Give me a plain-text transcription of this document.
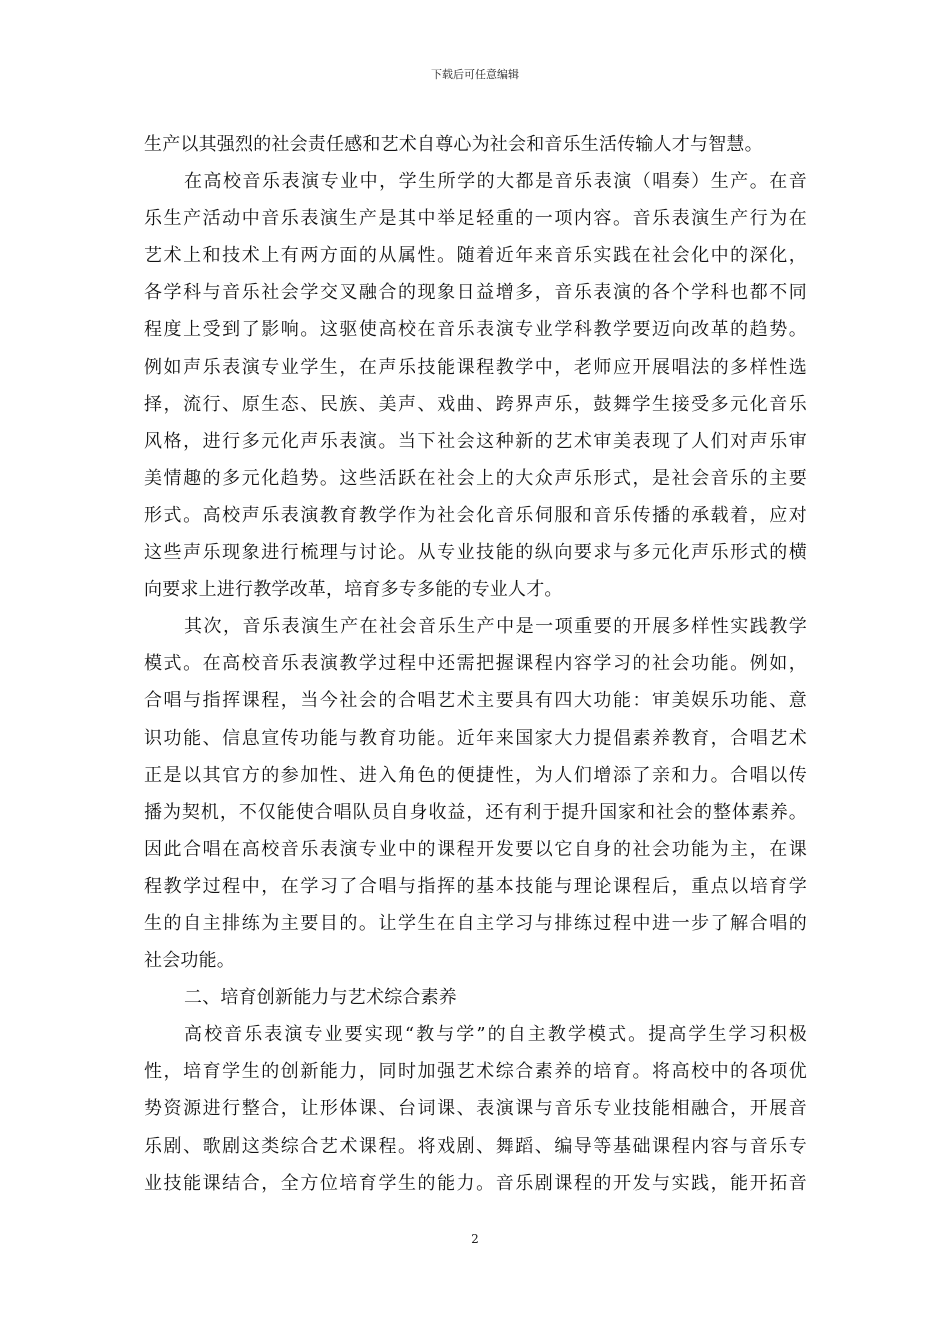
下载后可任意编辑
生产以其强烈的社会责任感和艺术自尊心为社会和音乐生活传输人才与智慧。
在高校音乐表演专业中，学生所学的大都是音乐表演（唱奏）生产。在音
乐生产活动中音乐表演生产是其中举足轻重的一项内容。音乐表演生产行为在
艺术上和技术上有两方面的从属性。随着近年来音乐实践在社会化中的深化，
各学科与音乐社会学交叉融合的现象日益增多，音乐表演的各个学科也都不同
程度上受到了影响。这驱使高校在音乐表演专业学科教学要迈向改革的趋势。
例如声乐表演专业学生，在声乐技能课程教学中，老师应开展唱法的多样性选
择，流行、原生态、民族、美声、戏曲、跨界声乐，鼓舞学生接受多元化音乐
风格，进行多元化声乐表演。当下社会这种新的艺术审美表现了人们对声乐审
美情趣的多元化趋势。这些活跃在社会上的大众声乐形式，是社会音乐的主要
形式。高校声乐表演教育教学作为社会化音乐伺服和音乐传播的承载着，应对
这些声乐现象进行梳理与讨论。从专业技能的纵向要求与多元化声乐形式的横
向要求上进行教学改革，培育多专多能的专业人才。
其次，音乐表演生产在社会音乐生产中是一项重要的开展多样性实践教学
模式。在高校音乐表演教学过程中还需把握课程内容学习的社会功能。例如，
合唱与指挥课程，当今社会的合唱艺术主要具有四大功能：审美娱乐功能、意
识功能、信息宣传功能与教育功能。近年来国家大力提倡素养教育，合唱艺术
正是以其官方的参加性、进入角色的便捷性，为人们增添了亲和力。合唱以传
播为契机，不仅能使合唱队员自身收益，还有利于提升国家和社会的整体素养。
因此合唱在高校音乐表演专业中的课程开发要以它自身的社会功能为主，在课
程教学过程中，在学习了合唱与指挥的基本技能与理论课程后，重点以培育学
生的自主排练为主要目的。让学生在自主学习与排练过程中进一步了解合唱的
社会功能。
二、培育创新能力与艺术综合素养
高校音乐表演专业要实现“教与学”的自主教学模式。提高学生学习积极
性，培育学生的创新能力，同时加强艺术综合素养的培育。将高校中的各项优
势资源进行整合，让形体课、台词课、表演课与音乐专业技能相融合，开展音
乐剧、歌剧这类综合艺术课程。将戏剧、舞蹈、编导等基础课程内容与音乐专
业技能课结合，全方位培育学生的能力。音乐剧课程的开发与实践，能开拓音
2
